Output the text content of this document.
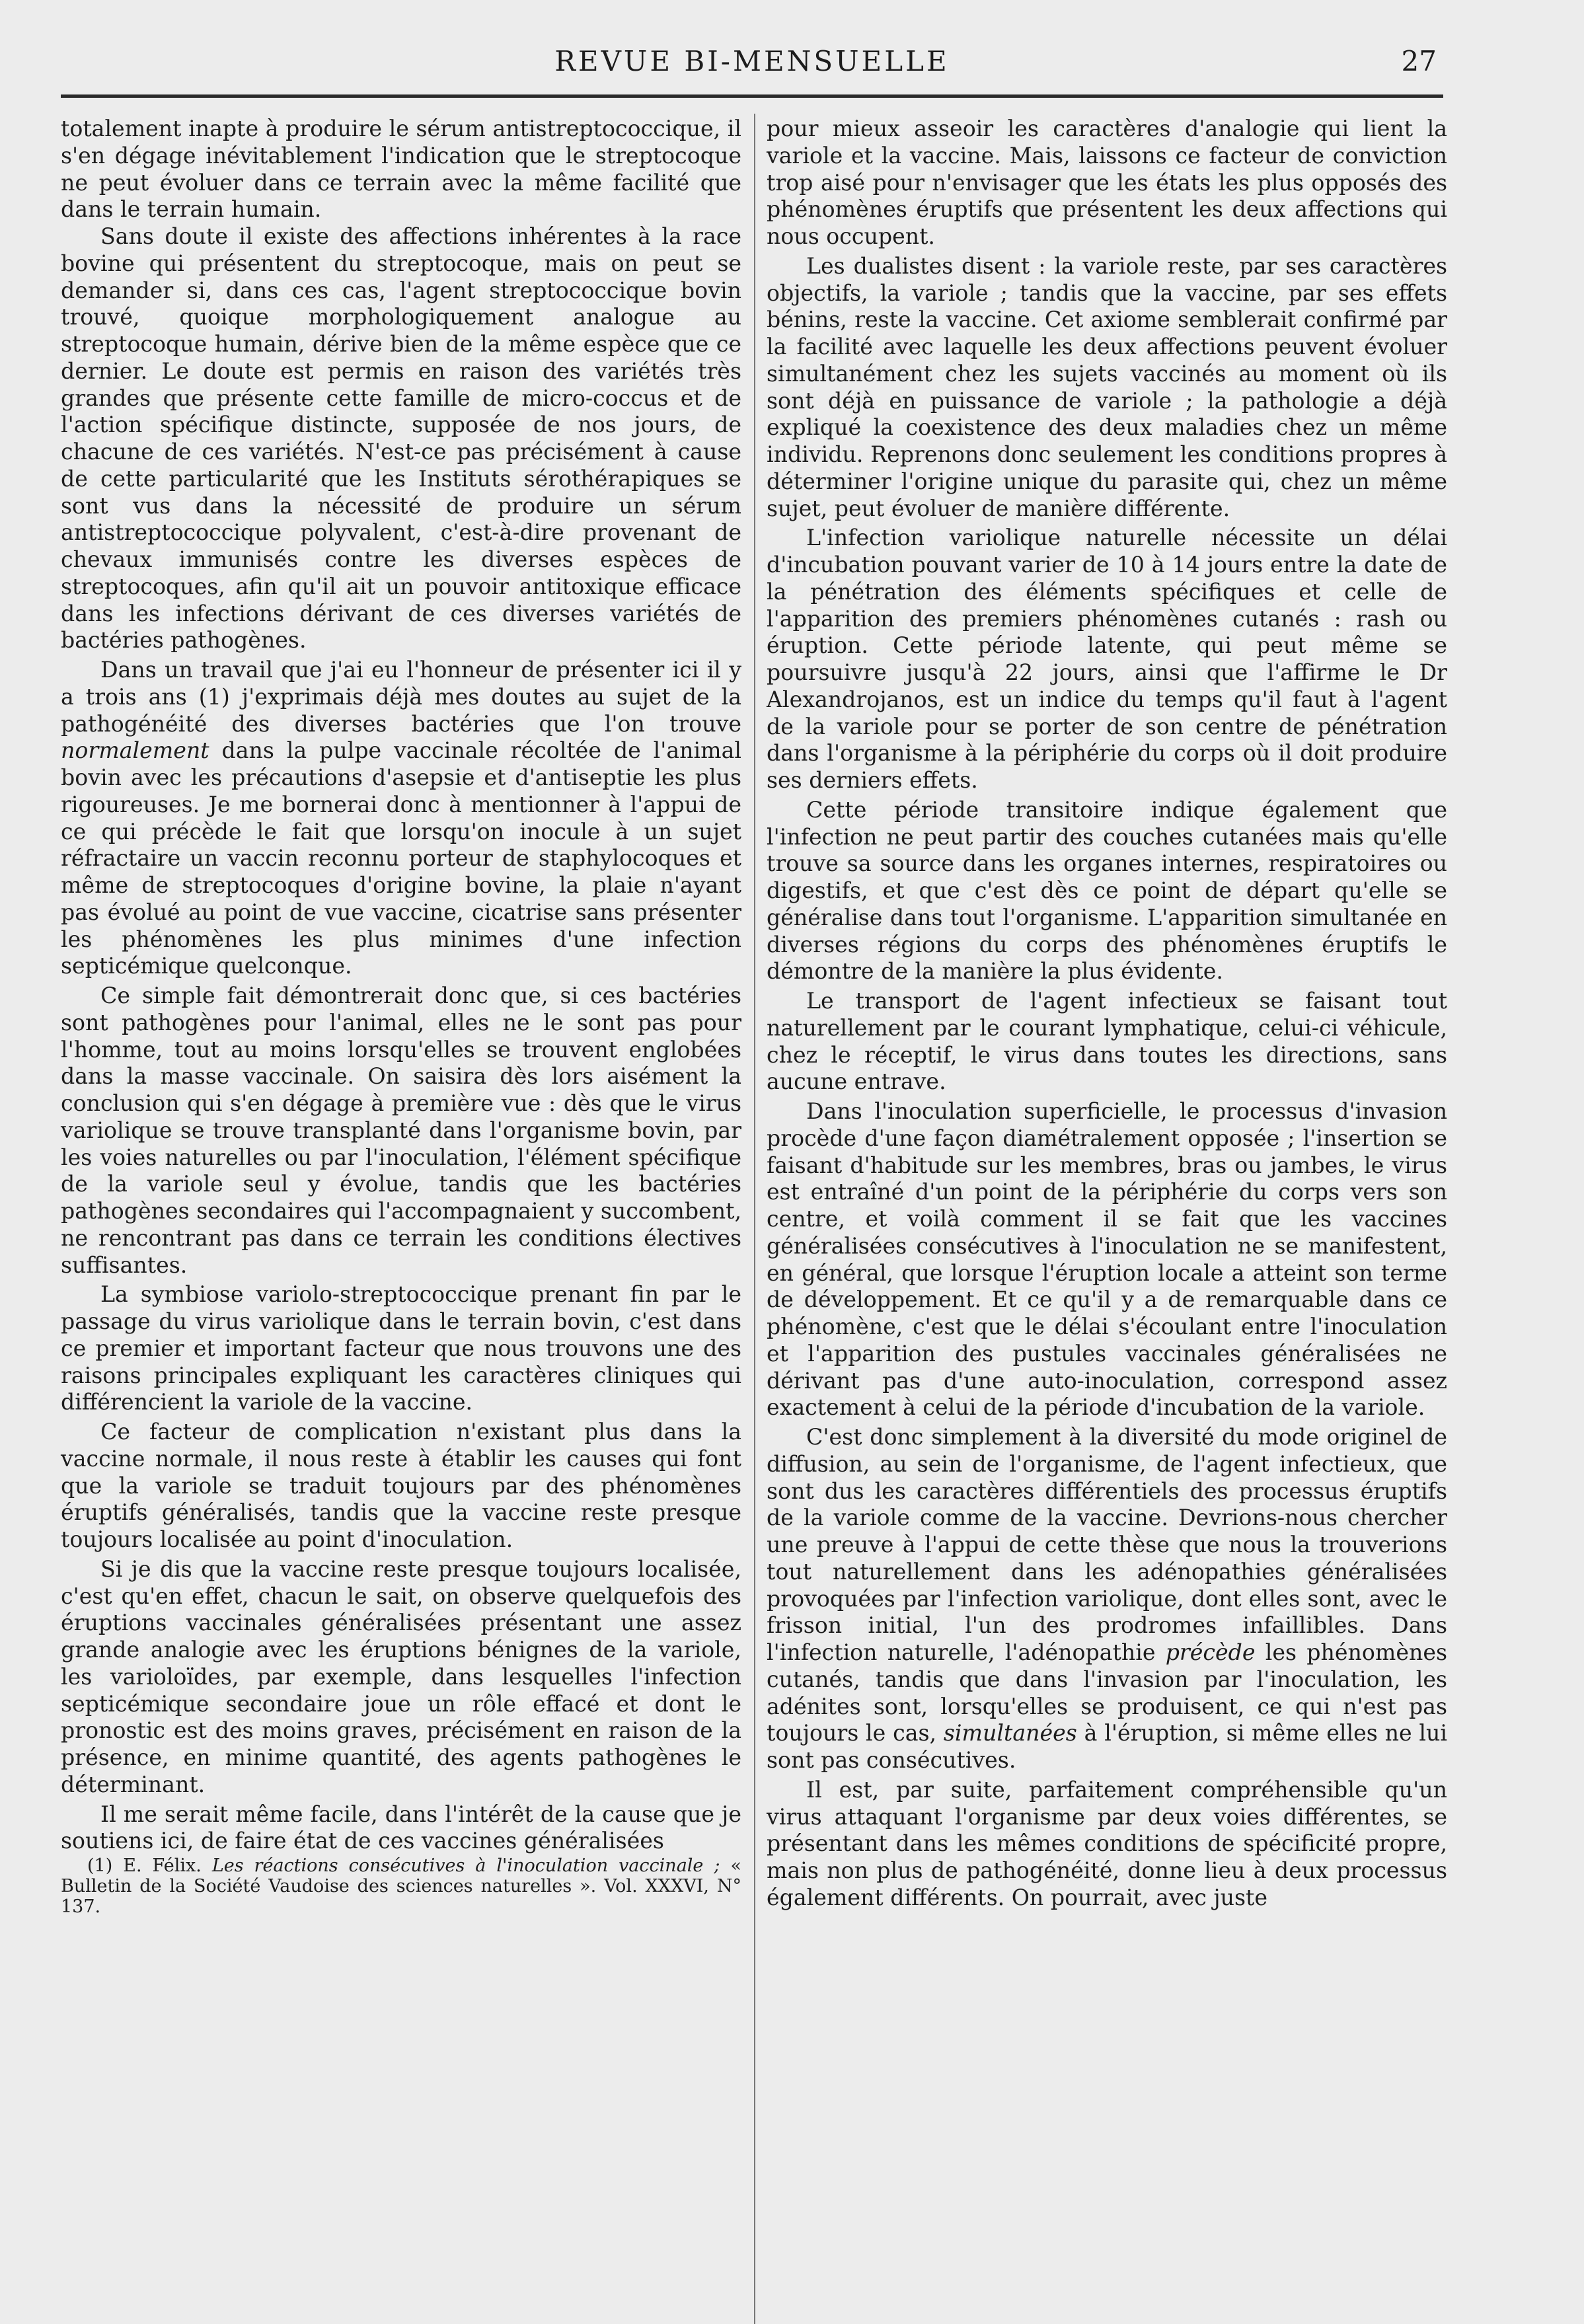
REVUE BI-MENSUELLE	27

totalement inapte à produire le sérum antistreptococcique, il s'en dégage inévitablement l'indication que le streptocoque ne peut évoluer dans ce terrain avec la même facilité que dans le terrain humain.

Sans doute il existe des affections inhérentes à la race bovine qui présentent du streptocoque, mais on peut se demander si, dans ces cas, l'agent streptococcique bovin trouvé, quoique morphologiquement analogue au streptocoque humain, dérive bien de la même espèce que ce dernier. Le doute est permis en raison des variétés très grandes que présente cette famille de micro-coccus et de l'action spécifique distincte, supposée de nos jours, de chacune de ces variétés. N'est-ce pas précisément à cause de cette particularité que les Instituts sérothérapiques se sont vus dans la nécessité de produire un sérum antistreptococcique polyvalent, c'est-à-dire provenant de chevaux immunisés contre les diverses espèces de streptocoques, afin qu'il ait un pouvoir antitoxique efficace dans les infections dérivant de ces diverses variétés de bactéries pathogènes.

Dans un travail que j'ai eu l'honneur de présenter ici il y a trois ans (1) j'exprimais déjà mes doutes au sujet de la pathogénéité des diverses bactéries que l'on trouve normalement dans la pulpe vaccinale récoltée de l'animal bovin avec les précautions d'asepsie et d'antiseptie les plus rigoureuses. Je me bornerai donc à mentionner à l'appui de ce qui précède le fait que lorsqu'on inocule à un sujet réfractaire un vaccin reconnu porteur de staphylocoques et même de streptocoques d'origine bovine, la plaie n'ayant pas évolué au point de vue vaccine, cicatrise sans présenter les phénomènes les plus minimes d'une infection septicémique quelconque.

Ce simple fait démontrerait donc que, si ces bactéries sont pathogènes pour l'animal, elles ne le sont pas pour l'homme, tout au moins lorsqu'elles se trouvent englobées dans la masse vaccinale. On saisira dès lors aisément la conclusion qui s'en dégage à première vue : dès que le virus variolique se trouve transplanté dans l'organisme bovin, par les voies naturelles ou par l'inoculation, l'élément spécifique de la variole seul y évolue, tandis que les bactéries pathogènes secondaires qui l'accompagnaient y succombent, ne rencontrant pas dans ce terrain les conditions électives suffisantes.

La symbiose variolo-streptococcique prenant fin par le passage du virus variolique dans le terrain bovin, c'est dans ce premier et important facteur que nous trouvons une des raisons principales expliquant les caractères cliniques qui différencient la variole de la vaccine.

Ce facteur de complication n'existant plus dans la vaccine normale, il nous reste à établir les causes qui font que la variole se traduit toujours par des phénomènes éruptifs généralisés, tandis que la vaccine reste presque toujours localisée au point d'inoculation.

Si je dis que la vaccine reste presque toujours localisée, c'est qu'en effet, chacun le sait, on observe quelquefois des éruptions vaccinales généralisées présentant une assez grande analogie avec les éruptions bénignes de la variole, les varioloïdes, par exemple, dans lesquelles l'infection septicémique secondaire joue un rôle effacé et dont le pronostic est des moins graves, précisément en raison de la présence, en minime quantité, des agents pathogènes le déterminant.

Il me serait même facile, dans l'intérêt de la cause que je soutiens ici, de faire état de ces vaccines généralisées

(1) E. Félix. Les réactions consécutives à l'inoculation vaccinale ; « Bulletin de la Société Vaudoise des sciences naturelles ». Vol. XXXVI, N° 137.

pour mieux asseoir les caractères d'analogie qui lient la variole et la vaccine. Mais, laissons ce facteur de conviction trop aisé pour n'envisager que les états les plus opposés des phénomènes éruptifs que présentent les deux affections qui nous occupent.

Les dualistes disent : la variole reste, par ses caractères objectifs, la variole ; tandis que la vaccine, par ses effets bénins, reste la vaccine. Cet axiome semblerait confirmé par la facilité avec laquelle les deux affections peuvent évoluer simultanément chez les sujets vaccinés au moment où ils sont déjà en puissance de variole ; la pathologie a déjà expliqué la coexistence des deux maladies chez un même individu. Reprenons donc seulement les conditions propres à déterminer l'origine unique du parasite qui, chez un même sujet, peut évoluer de manière différente.

L'infection variolique naturelle nécessite un délai d'incubation pouvant varier de 10 à 14 jours entre la date de la pénétration des éléments spécifiques et celle de l'apparition des premiers phénomènes cutanés : rash ou éruption. Cette période latente, qui peut même se poursuivre jusqu'à 22 jours, ainsi que l'affirme le Dr Alexandrojanos, est un indice du temps qu'il faut à l'agent de la variole pour se porter de son centre de pénétration dans l'organisme à la périphérie du corps où il doit produire ses derniers effets.

Cette période transitoire indique également que l'infection ne peut partir des couches cutanées mais qu'elle trouve sa source dans les organes internes, respiratoires ou digestifs, et que c'est dès ce point de départ qu'elle se généralise dans tout l'organisme. L'apparition simultanée en diverses régions du corps des phénomènes éruptifs le démontre de la manière la plus évidente.

Le transport de l'agent infectieux se faisant tout naturellement par le courant lymphatique, celui-ci véhicule, chez le réceptif, le virus dans toutes les directions, sans aucune entrave.

Dans l'inoculation superficielle, le processus d'invasion procède d'une façon diamétralement opposée ; l'insertion se faisant d'habitude sur les membres, bras ou jambes, le virus est entraîné d'un point de la périphérie du corps vers son centre, et voilà comment il se fait que les vaccines généralisées consécutives à l'inoculation ne se manifestent, en général, que lorsque l'éruption locale a atteint son terme de développement. Et ce qu'il y a de remarquable dans ce phénomène, c'est que le délai s'écoulant entre l'inoculation et l'apparition des pustules vaccinales généralisées ne dérivant pas d'une auto-inoculation, correspond assez exactement à celui de la période d'incubation de la variole.

C'est donc simplement à la diversité du mode originel de diffusion, au sein de l'organisme, de l'agent infectieux, que sont dus les caractères différentiels des processus éruptifs de la variole comme de la vaccine. Devrions-nous chercher une preuve à l'appui de cette thèse que nous la trouverions tout naturellement dans les adénopathies généralisées provoquées par l'infection variolique, dont elles sont, avec le frisson initial, l'un des prodromes infaillibles. Dans l'infection naturelle, l'adénopathie précède les phénomènes cutanés, tandis que dans l'invasion par l'inoculation, les adénites sont, lorsqu'elles se produisent, ce qui n'est pas toujours le cas, simultanées à l'éruption, si même elles ne lui sont pas consécutives.

Il est, par suite, parfaitement compréhensible qu'un virus attaquant l'organisme par deux voies différentes, se présentant dans les mêmes conditions de spécificité propre, mais non plus de pathogénéité, donne lieu à deux processus également différents. On pourrait, avec juste
